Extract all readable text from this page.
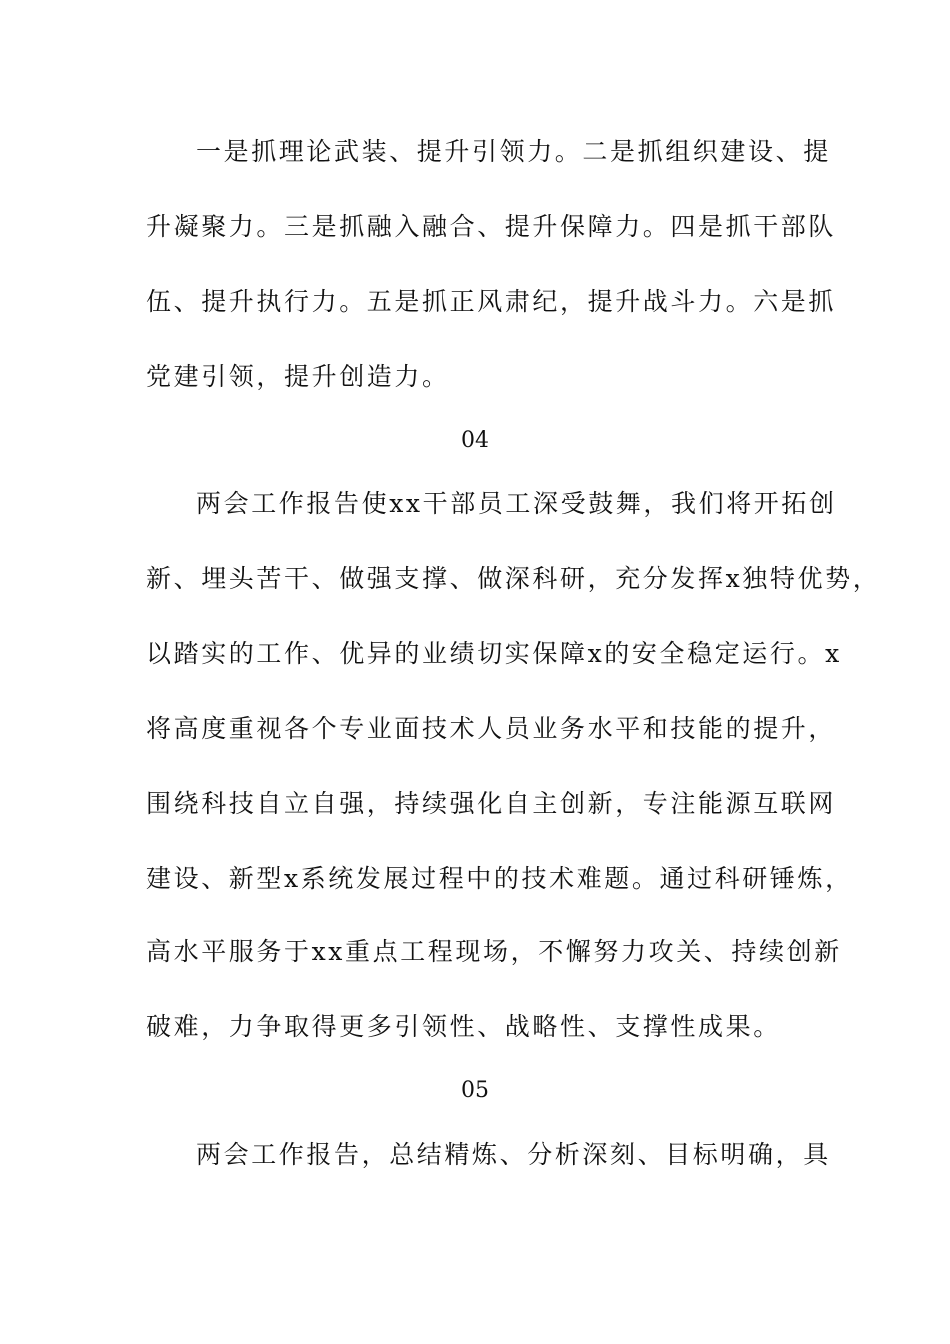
一是抓理论武装、提升引领力。二是抓组织建设、提
升凝聚力。三是抓融入融合、提升保障力。四是抓干部队
伍、提升执行力。五是抓正风肃纪，提升战斗力。六是抓
党建引领，提升创造力。
04
两会工作报告使xx干部员工深受鼓舞，我们将开拓创
新、埋头苦干、做强支撑、做深科研，充分发挥x独特优势，
以踏实的工作、优异的业绩切实保障x的安全稳定运行。x
将高度重视各个专业面技术人员业务水平和技能的提升，
围绕科技自立自强，持续强化自主创新，专注能源互联网
建设、新型x系统发展过程中的技术难题。通过科研锤炼，
高水平服务于xx重点工程现场，不懈努力攻关、持续创新
破难，力争取得更多引领性、战略性、支撑性成果。
05
两会工作报告，总结精炼、分析深刻、目标明确，具
